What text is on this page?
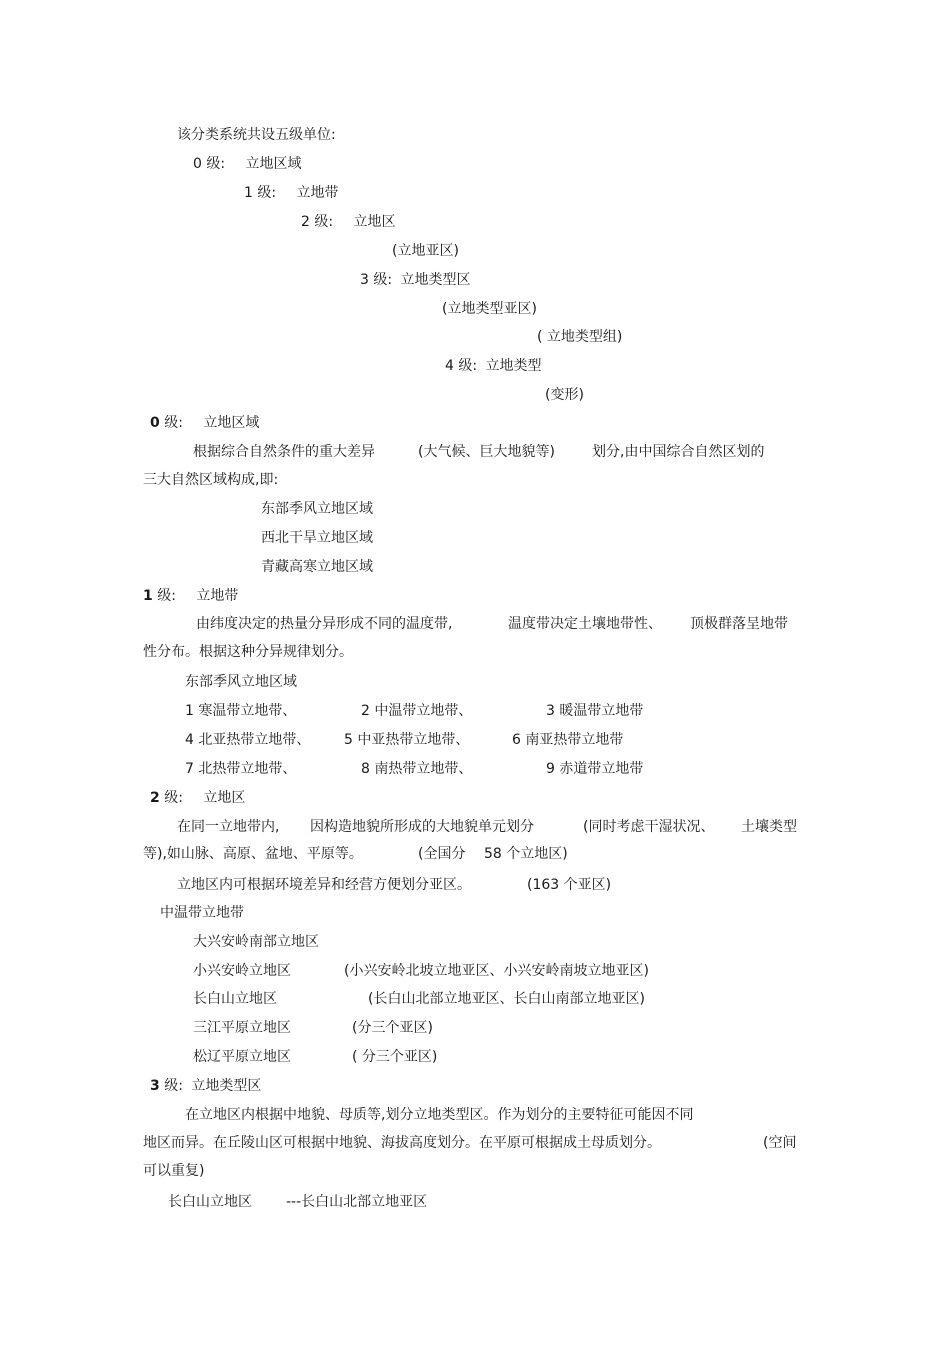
该分类系统共设五级单位:
0 级: 立地区域
1 级: 立地带
2 级: 立地区
(立地亚区)
3 级: 立地类型区
(立地类型亚区)
( 立地类型组)
4 级: 立地类型
(变形)
0 级: 立地区域
根据综合自然条件的重大差异	(大气候、巨大地貌等)	划分,由中国综合自然区划的
三大自然区域构成,即:
东部季风立地区域
西北干旱立地区域
青藏高寒立地区域
1 级: 立地带
由纬度决定的热量分异形成不同的温度带,	温度带决定土壤地带性、 顶极群落呈地带
性分布。根据这种分异规律划分。
东部季风立地区域
1 寒温带立地带、	2 中温带立地带、	3 暖温带立地带
4 北亚热带立地带、 5 中亚热带立地带、	6 南亚热带立地带
7 北热带立地带、	8 南热带立地带、	9 赤道带立地带
2 级: 立地区
在同一立地带内, 因构造地貌所形成的大地貌单元划分	(同时考虑干湿状况、 土壤类型
等),如山脉、高原、盆地、平原等。	(全国分 58 个立地区)
立地区内可根据环境差异和经营方便划分亚区。	(163 个亚区)
中温带立地带
大兴安岭南部立地区
小兴安岭立地区	(小兴安岭北坡立地亚区、小兴安岭南坡立地亚区)
长白山立地区	(长白山北部立地亚区、长白山南部立地亚区)
三江平原立地区	(分三个亚区)
松辽平原立地区	( 分三个亚区)
3 级: 立地类型区
在立地区内根据中地貌、母质等,划分立地类型区。作为划分的主要特征可能因不同
地区而异。在丘陵山区可根据中地貌、海拔高度划分。在平原可根据成土母质划分。	(空间
可以重复)
长白山立地区 ---长白山北部立地亚区
